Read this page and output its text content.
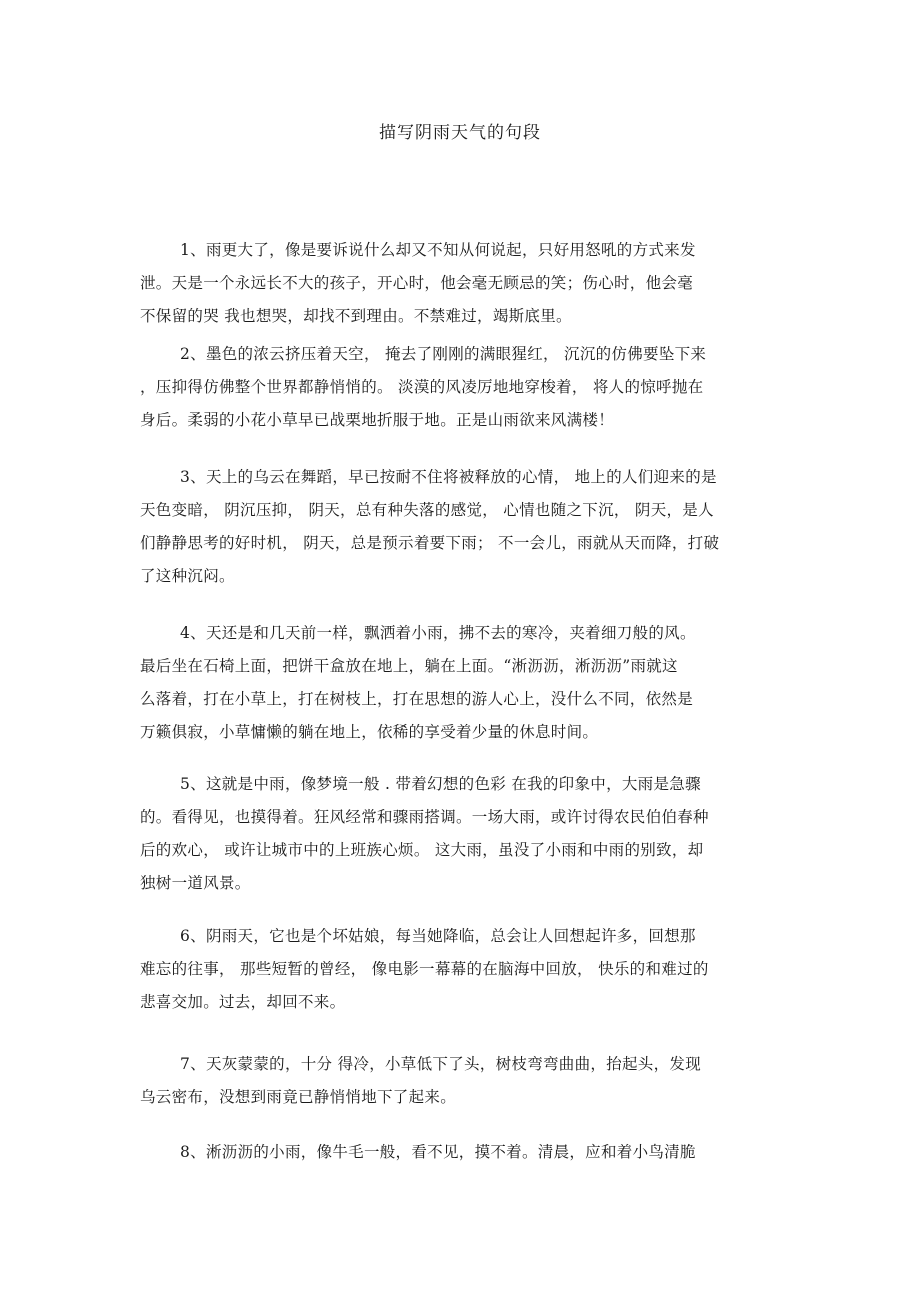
描写阴雨天气的句段
1、雨更大了，像是要诉说什么却又不知从何说起，只好用怒吼的方式来发
泄。天是一个永远长不大的孩子，开心时，他会毫无顾忌的笑；伤心时，他会毫
不保留的哭 我也想哭，却找不到理由。不禁难过，竭斯底里。
2、墨色的浓云挤压着天空， 掩去了刚刚的满眼猩红， 沉沉的仿佛要坠下来
，压抑得仿佛整个世界都静悄悄的。 淡漠的风凌厉地地穿梭着， 将人的惊呼抛在
身后。柔弱的小花小草早已战栗地折服于地。正是山雨欲来风满楼！
3、天上的乌云在舞蹈，早已按耐不住将被释放的心情， 地上的人们迎来的是
天色变暗， 阴沉压抑， 阴天，总有种失落的感觉， 心情也随之下沉， 阴天，是人
们静静思考的好时机， 阴天，总是预示着要下雨； 不一会儿，雨就从天而降，打破
了这种沉闷。
4、天还是和几天前一样，飘洒着小雨，拂不去的寒冷，夹着细刀般的风。
最后坐在石椅上面，把饼干盒放在地上，躺在上面。“淅沥沥，淅沥沥”雨就这
么落着，打在小草上，打在树枝上，打在思想的游人心上，没什么不同，依然是
万籁俱寂，小草慵懒的躺在地上，依稀的享受着少量的休息时间。
5、这就是中雨，像梦境一般 . 带着幻想的色彩 在我的印象中，大雨是急骤
的。看得见，也摸得着。狂风经常和骤雨搭调。一场大雨，或许讨得农民伯伯春种
后的欢心， 或许让城市中的上班族心烦。 这大雨，虽没了小雨和中雨的别致，却
独树一道风景。
6、阴雨天，它也是个坏姑娘，每当她降临，总会让人回想起许多，回想那
难忘的往事， 那些短暂的曾经， 像电影一幕幕的在脑海中回放， 快乐的和难过的
悲喜交加。过去，却回不来。
7、天灰蒙蒙的，十分 得冷，小草低下了头，树枝弯弯曲曲，抬起头，发现
乌云密布，没想到雨竟已静悄悄地下了起来。
8、淅沥沥的小雨，像牛毛一般，看不见，摸不着。清晨，应和着小鸟清脆
